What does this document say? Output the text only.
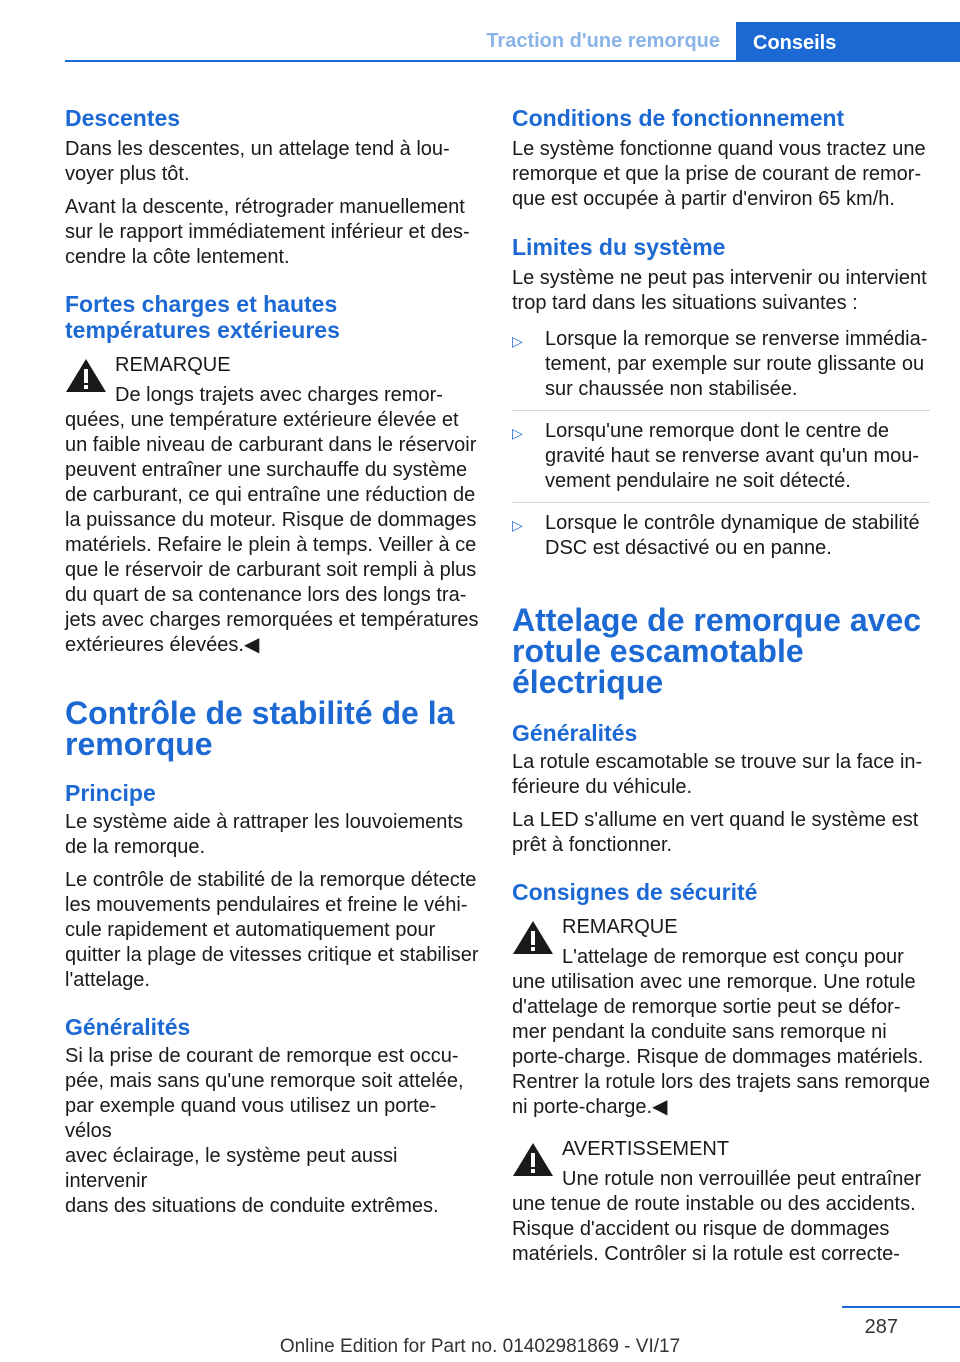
Traction d'une remorque	Conseils
Descentes
Dans les descentes, un attelage tend à lou‐
voyer plus tôt.
Avant la descente, rétrograder manuellement
sur le rapport immédiatement inférieur et des‐
cendre la côte lentement.
Fortes charges et hautes
températures extérieures
REMARQUE
De longs trajets avec charges remor‐
quées, une température extérieure élevée et
un faible niveau de carburant dans le réservoir
peuvent entraîner une surchauffe du système
de carburant, ce qui entraîne une réduction de
la puissance du moteur. Risque de dommages
matériels. Refaire le plein à temps. Veiller à ce
que le réservoir de carburant soit rempli à plus
du quart de sa contenance lors des longs tra‐
jets avec charges remorquées et températures
extérieures élevées.◀
Contrôle de stabilité de la
remorque
Principe
Le système aide à rattraper les louvoiements
de la remorque.
Le contrôle de stabilité de la remorque détecte
les mouvements pendulaires et freine le véhi‐
cule rapidement et automatiquement pour
quitter la plage de vitesses critique et stabiliser
l'attelage.
Généralités
Si la prise de courant de remorque est occu‐
pée, mais sans qu'une remorque soit attelée,
par exemple quand vous utilisez un porte-vélos
avec éclairage, le système peut aussi intervenir
dans des situations de conduite extrêmes.
Conditions de fonctionnement
Le système fonctionne quand vous tractez une
remorque et que la prise de courant de remor‐
que est occupée à partir d'environ 65 km/h.
Limites du système
Le système ne peut pas intervenir ou intervient
trop tard dans les situations suivantes :
▷ Lorsque la remorque se renverse immédia‐
tement, par exemple sur route glissante ou
sur chaussée non stabilisée.
▷ Lorsqu'une remorque dont le centre de
gravité haut se renverse avant qu'un mou‐
vement pendulaire ne soit détecté.
▷ Lorsque le contrôle dynamique de stabilité
DSC est désactivé ou en panne.
Attelage de remorque avec
rotule escamotable
électrique
Généralités
La rotule escamotable se trouve sur la face in‐
férieure du véhicule.
La LED s'allume en vert quand le système est
prêt à fonctionner.
Consignes de sécurité
REMARQUE
L'attelage de remorque est conçu pour
une utilisation avec une remorque. Une rotule
d'attelage de remorque sortie peut se défor‐
mer pendant la conduite sans remorque ni
porte-charge. Risque de dommages matériels.
Rentrer la rotule lors des trajets sans remorque
ni porte-charge.◀
AVERTISSEMENT
Une rotule non verrouillée peut entraîner
une tenue de route instable ou des accidents.
Risque d'accident ou risque de dommages
matériels. Contrôler si la rotule est correcte‐
287
Online Edition for Part no. 01402981869 - VI/17
